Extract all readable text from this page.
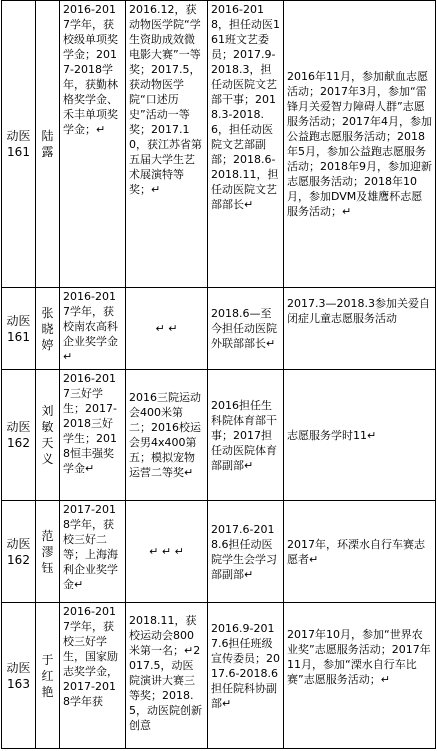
动医161	陆露	2016-2017学年，获校级单项奖学金；2017-2018学年，获勤林格奖学金、禾丰单项奖学金；↵	2016.12，获动物医学院“学生资助成效微电影大赛”一等奖；2017.5，获动物医学院“口述历史”活动一等奖；2017.10，获江苏省第五届大学生艺术展演特等奖；↵	2016-2018，担任动医161班文艺委员；2017.9-2018.3，担任动医院文艺部干事；2018.3-2018.6，担任动医院文艺部副部；2018.6-2018.11，担任动医院文艺部部长↵	2016年11月，参加献血志愿活动；2017年3月，参加“雷锋月关爱智力障碍人群”志愿服务活动；2017年4月，参加公益跑志愿服务活动；2018年5月，参加公益跑志愿服务活动；2018年9月，参加迎新志愿服务活动；2018年10月，参加DVM及雄鹰杯志愿服务活动；↵
动医161	张晓婷	2016-2017学年，获校南农高科企业奖学金↵	↵ ↵	2018.6—至今担任动医院外联部部长↵	2017.3—2018.3参加关爱自闭症儿童志愿服务活动
动医162	刘敏天义	2016-2017三好学生；2017-2018三好学生；2018恒丰强奖学金↵	2016三院运动会400米第二；2016校运会男4x400第五；模拟宠物运营二等奖↵	2016担任生科院体育部干事；2017担任动医院体育部副部↵	志愿服务学时11↵
动医162	范漻钰	2017-2018学年，获校三好二等；上海海利企业奖学金↵	↵ ↵ ↵	2017.6-2018.6担任动医院学生会学习部副部↵	2017年，环溧水自行车赛志愿者↵
动医163	于红艳	2016-2017学年，获校三好学生，国家励志奖学金，2017-2018学年获	2018.11，获校运动会800米第一名；↵2017.5，动医院演讲大赛三等奖；2018.5，动医院创新创意	2016.9-2017.6担任班级宣传委员；2017.6-2018.6担任院科协副部↵	2017年10月，参加“世界农业奖”志愿服务活动；2017年11月，参加“溧水自行车比赛”志愿服务活动；↵
